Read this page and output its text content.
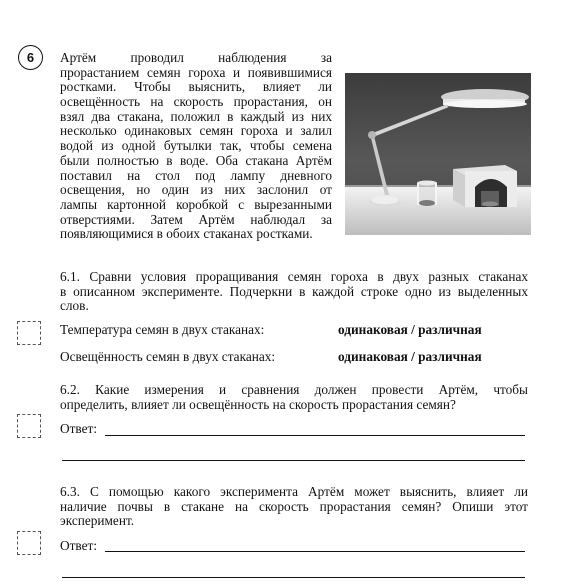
6	Артём проводил наблюдения за
прорастанием семян гороха и появившимися
ростками. Чтобы выяснить, влияет ли
освещённость на скорость прорастания, он
взял два стакана, положил в каждый из них
несколько одинаковых семян гороха и залил
водой из одной бутылки так, чтобы семена
были полностью в воде. Оба стакана Артём
поставил на стол под лампу дневного
освещения, но один из них заслонил от
лампы картонной коробкой с вырезанными
отверстиями. Затем Артём наблюдал за
появляющимися в обоих стаканах ростками.
6.1. Сравни условия проращивания семян гороха в двух разных стаканах
в описанном эксперименте. Подчеркни в каждой строке одно из выделенных
слов.
Температура семян в двух стаканах:	одинаковая / различная
Освещённость семян в двух стаканах:	одинаковая / различная
6.2. Какие измерения и сравнения должен провести Артём, чтобы
определить, влияет ли освещённость на скорость прорастания семян?
Ответ:
6.3. С помощью какого эксперимента Артём может выяснить, влияет ли
наличие почвы в стакане на скорость прорастания семян? Опиши этот
эксперимент.
Ответ:
